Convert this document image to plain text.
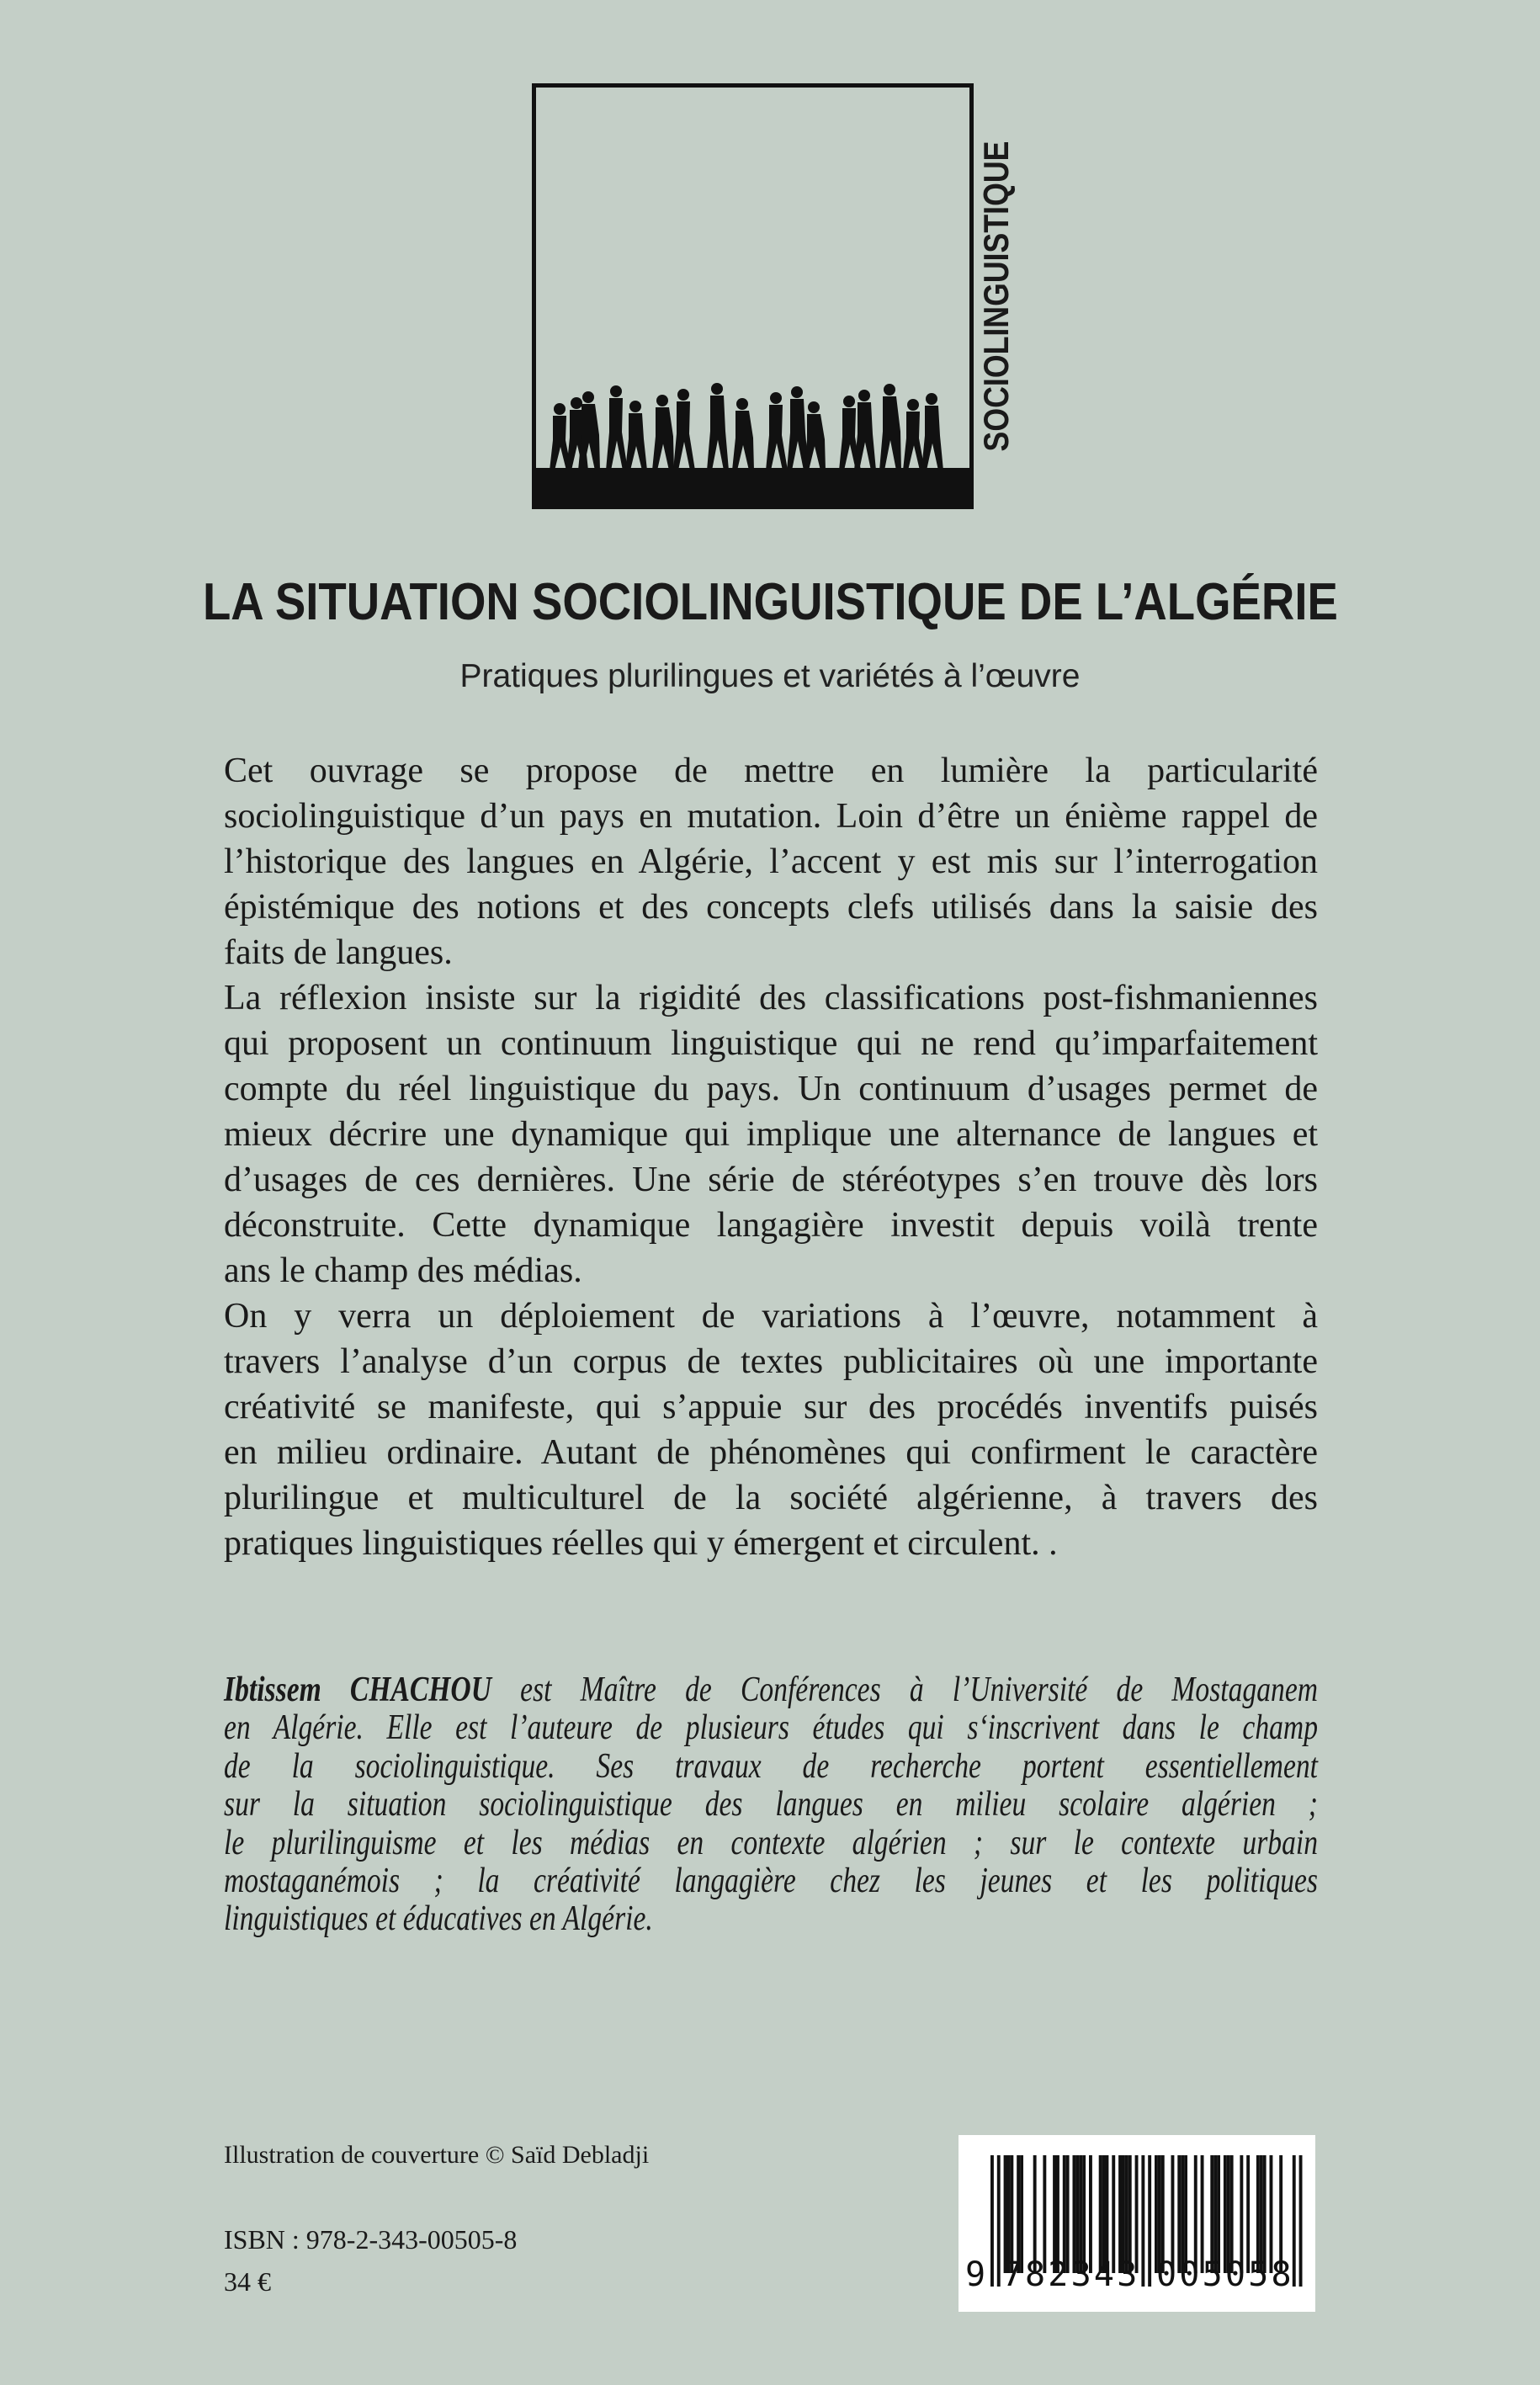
SOCIOLINGUISTIQUE
LA SITUATION SOCIOLINGUISTIQUE DE L’ALGÉRIE
Pratiques plurilingues et variétés à l’œuvre
Cet ouvrage se propose de mettre en lumière la particularité
sociolinguistique d’un pays en mutation. Loin d’être un énième rappel de
l’historique des langues en Algérie, l’accent y est mis sur l’interrogation
épistémique des notions et des concepts clefs utilisés dans la saisie des
faits de langues.
La réflexion insiste sur la rigidité des classifications post-fishmaniennes
qui proposent un continuum linguistique qui ne rend qu’imparfaitement
compte du réel linguistique du pays. Un continuum d’usages permet de
mieux décrire une dynamique qui implique une alternance de langues et
d’usages de ces dernières. Une série de stéréotypes s’en trouve dès lors
déconstruite. Cette dynamique langagière investit depuis voilà trente
ans le champ des médias.
On y verra un déploiement de variations à l’œuvre, notamment à
travers l’analyse d’un corpus de textes publicitaires où une importante
créativité se manifeste, qui s’appuie sur des procédés inventifs puisés
en milieu ordinaire. Autant de phénomènes qui confirment le caractère
plurilingue et multiculturel de la société algérienne, à travers des
pratiques linguistiques réelles qui y émergent et circulent. .
Ibtissem CHACHOU est Maître de Conférences à l’Université de Mostaganem
en Algérie. Elle est l’auteure de plusieurs études qui s‘inscrivent dans le champ
de la sociolinguistique. Ses travaux de recherche portent essentiellement
sur la situation sociolinguistique des langues en milieu scolaire algérien ;
le plurilinguisme et les médias en contexte algérien ; sur le contexte urbain
mostaganémois ; la créativité langagière chez les jeunes et les politiques
linguistiques et éducatives en Algérie.
Illustration de couverture © Saïd Debladji
ISBN : 978-2-343-00505-8
34 €	9 7 8 2 3 4 3 0 0 5 0 5 8
